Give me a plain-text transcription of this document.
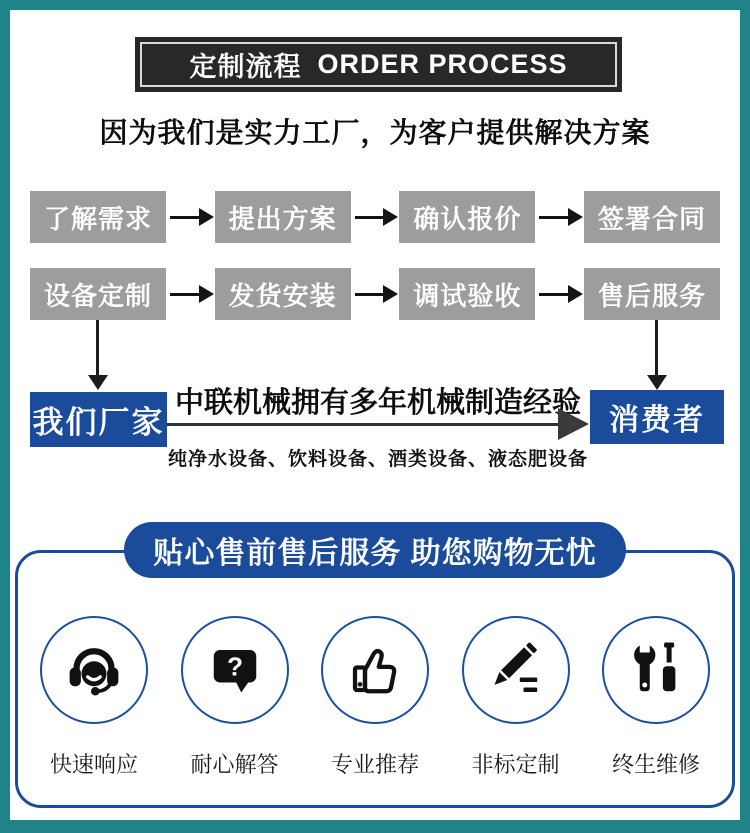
定制流程 ORDER PROCESS
因为我们是实力工厂，为客户提供解决方案
了解需求	提出方案	确认报价	签署合同
设备定制	发货安装	调试验收	售后服务
我们厂家	消费者
中联机械拥有多年机械制造经验
纯净水设备、饮料设备、酒类设备、液态肥设备
贴心售前售后服务 助您购物无忧
快速响应
?
耐心解答 专业推荐 非标定制 终生维修
